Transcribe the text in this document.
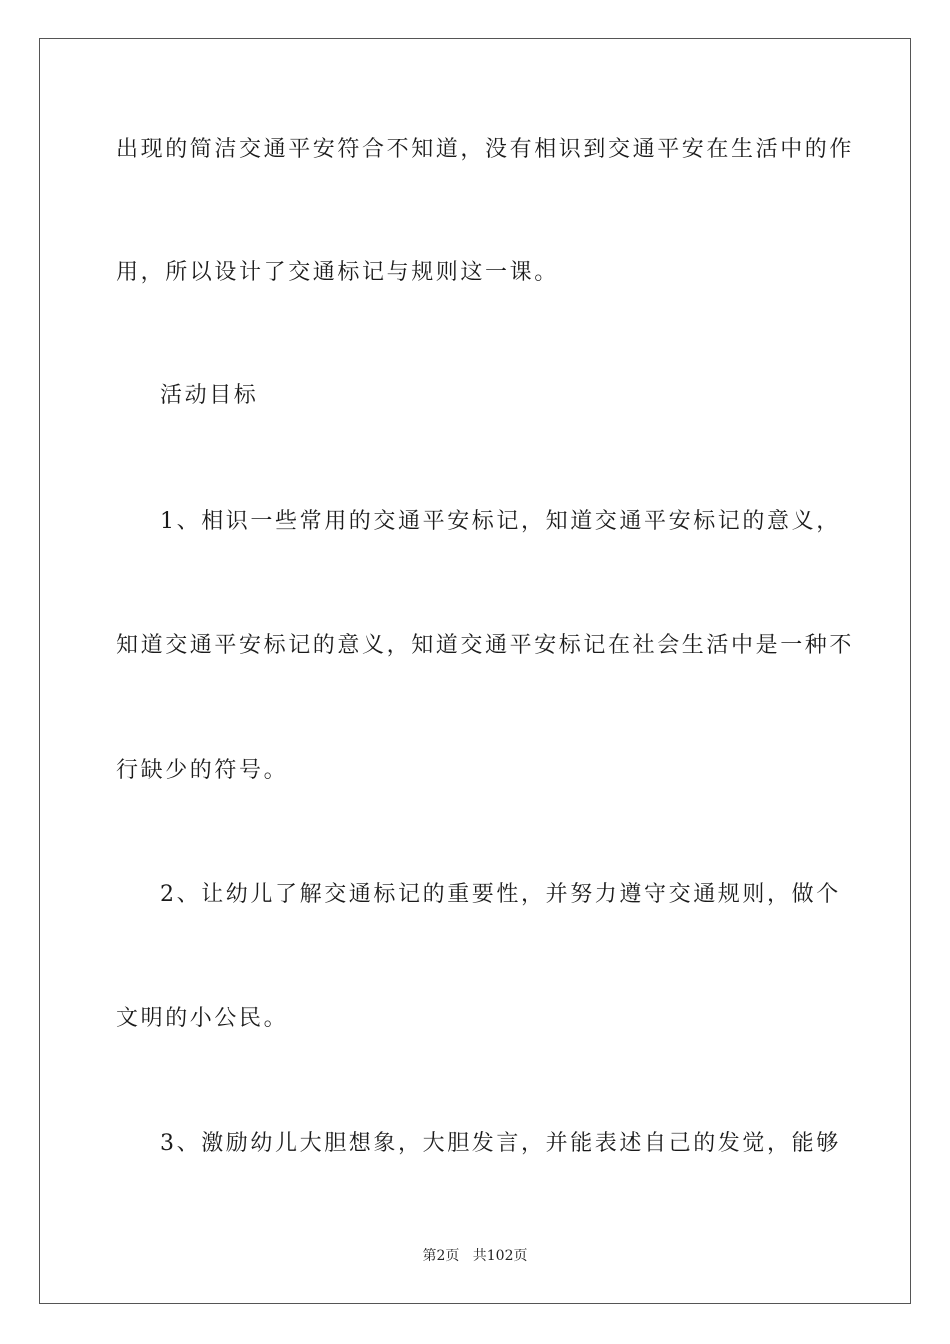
出现的简洁交通平安符合不知道，没有相识到交通平安在生活中的作
用，所以设计了交通标记与规则这一课。
活动目标
1、相识一些常用的交通平安标记，知道交通平安标记的意义，
知道交通平安标记的意义，知道交通平安标记在社会生活中是一种不
行缺少的符号。
2、让幼儿了解交通标记的重要性，并努力遵守交通规则，做个
文明的小公民。
3、激励幼儿大胆想象，大胆发言，并能表述自己的发觉，能够
第2页 共102页
